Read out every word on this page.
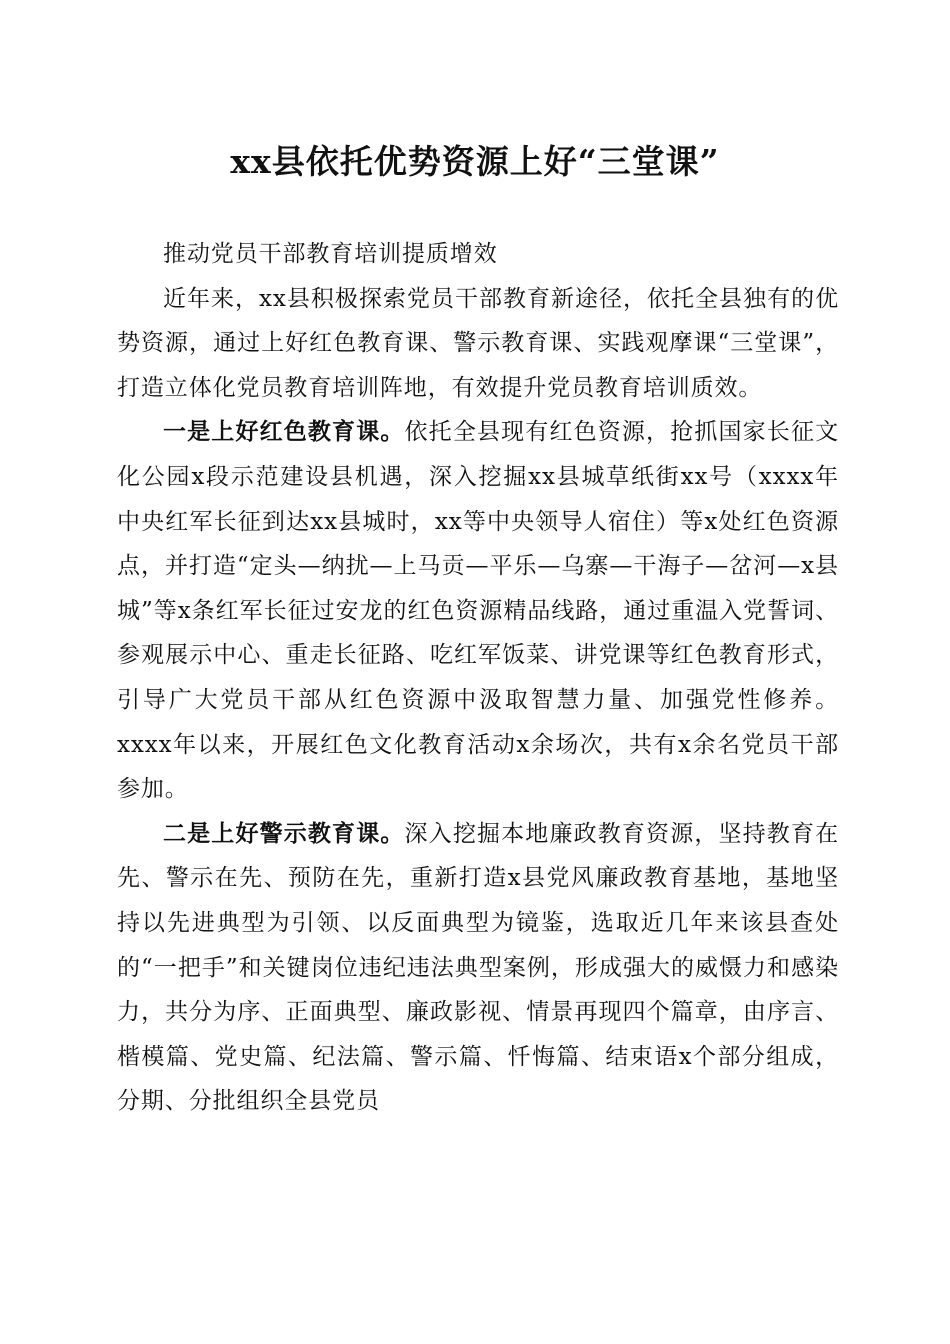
xx县依托优势资源上好“三堂课”

推动党员干部教育培训提质增效

近年来，xx县积极探索党员干部教育新途径，依托全县独有的优势资源，通过上好红色教育课、警示教育课、实践观摩课“三堂课”，打造立体化党员教育培训阵地，有效提升党员教育培训质效。

一是上好红色教育课。依托全县现有红色资源，抢抓国家长征文化公园x段示范建设县机遇，深入挖掘xx县城草纸街xx号（xxxx年中央红军长征到达xx县城时，xx等中央领导人宿住）等x处红色资源点，并打造“定头—纳扰—上马贡—平乐—乌寨—干海子—岔河—x县城”等x条红军长征过安龙的红色资源精品线路，通过重温入党誓词、参观展示中心、重走长征路、吃红军饭菜、讲党课等红色教育形式，引导广大党员干部从红色资源中汲取智慧力量、加强党性修养。xxxx年以来，开展红色文化教育活动x余场次，共有x余名党员干部参加。

二是上好警示教育课。深入挖掘本地廉政教育资源，坚持教育在先、警示在先、预防在先，重新打造x县党风廉政教育基地，基地坚持以先进典型为引领、以反面典型为镜鉴，选取近几年来该县查处的“一把手”和关键岗位违纪违法典型案例，形成强大的威慑力和感染力，共分为序、正面典型、廉政影视、情景再现四个篇章，由序言、楷模篇、党史篇、纪法篇、警示篇、忏悔篇、结束语x个部分组成，分期、分批组织全县党员
